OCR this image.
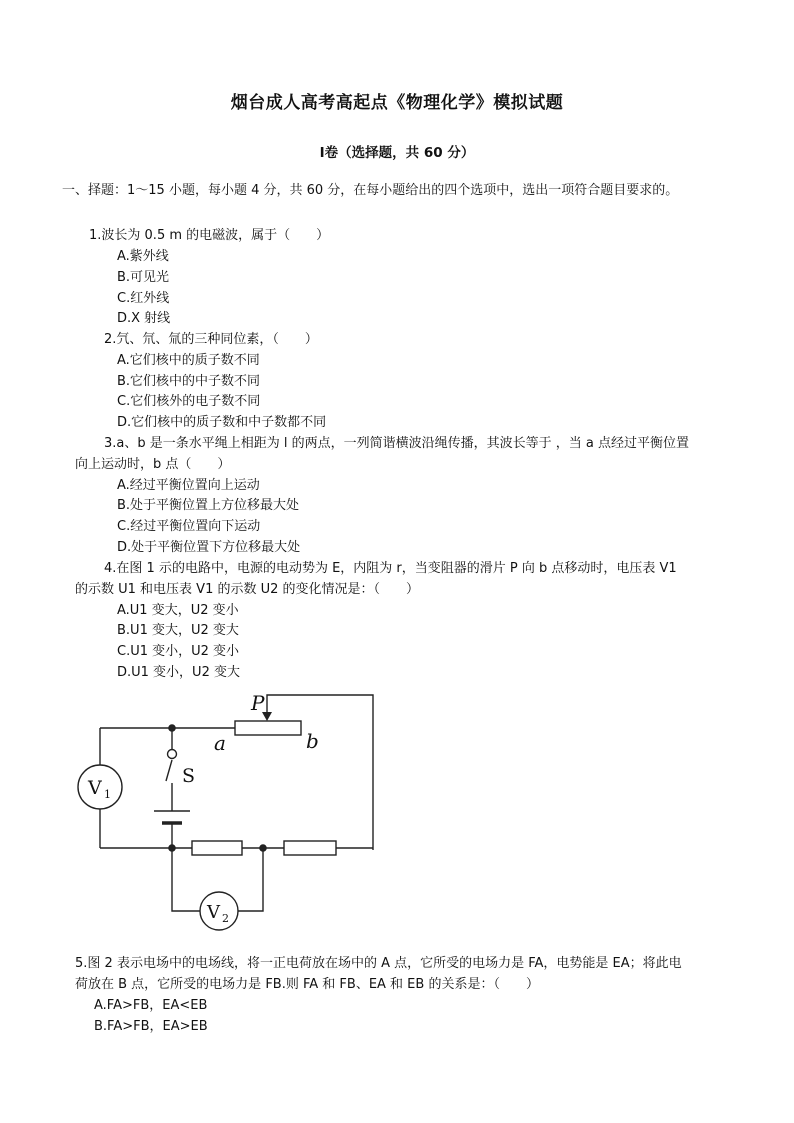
烟台成人高考高起点《物理化学》模拟试题
Ⅰ卷（选择题，共 60 分）
一、择题：1～15 小题，每小题 4 分，共 60 分，在每小题给出的四个选项中，选出一项符合题目要求的。
1.波长为 0.5 m 的电磁波，属于（　　）
A.紫外线
B.可见光
C.红外线
D.X 射线
2.氕、氘、氚的三种同位素，（　　）
A.它们核中的质子数不同
B.它们核中的中子数不同
C.它们核外的电子数不同
D.它们核中的质子数和中子数都不同
3.a、b 是一条水平绳上相距为 l 的两点，一列简谐横波沿绳传播，其波长等于 ，当 a 点经过平衡位置
向上运动时，b 点（　　）
A.经过平衡位置向上运动
B.处于平衡位置上方位移最大处
C.经过平衡位置向下运动
D.处于平衡位置下方位移最大处
4.在图 1 示的电路中，电源的电动势为 E，内阻为 r，当变阻器的滑片 P 向 b 点移动时，电压表 V1
的示数 U1 和电压表 V1 的示数 U2 的变化情况是：（　　）
A.U1 变大，U2 变小
B.U1 变大，U2 变大
C.U1 变小，U2 变小
D.U1 变小，U2 变大
P
a	b
S
V 1
V 2
5.图 2 表示电场中的电场线，将一正电荷放在场中的 A 点，它所受的电场力是 FA，电势能是 EA；将此电
荷放在 B 点，它所受的电场力是 FB.则 FA 和 FB、EA 和 EB 的关系是：（　　）
A.FA>FB，EA<EB
B.FA>FB，EA>EB
